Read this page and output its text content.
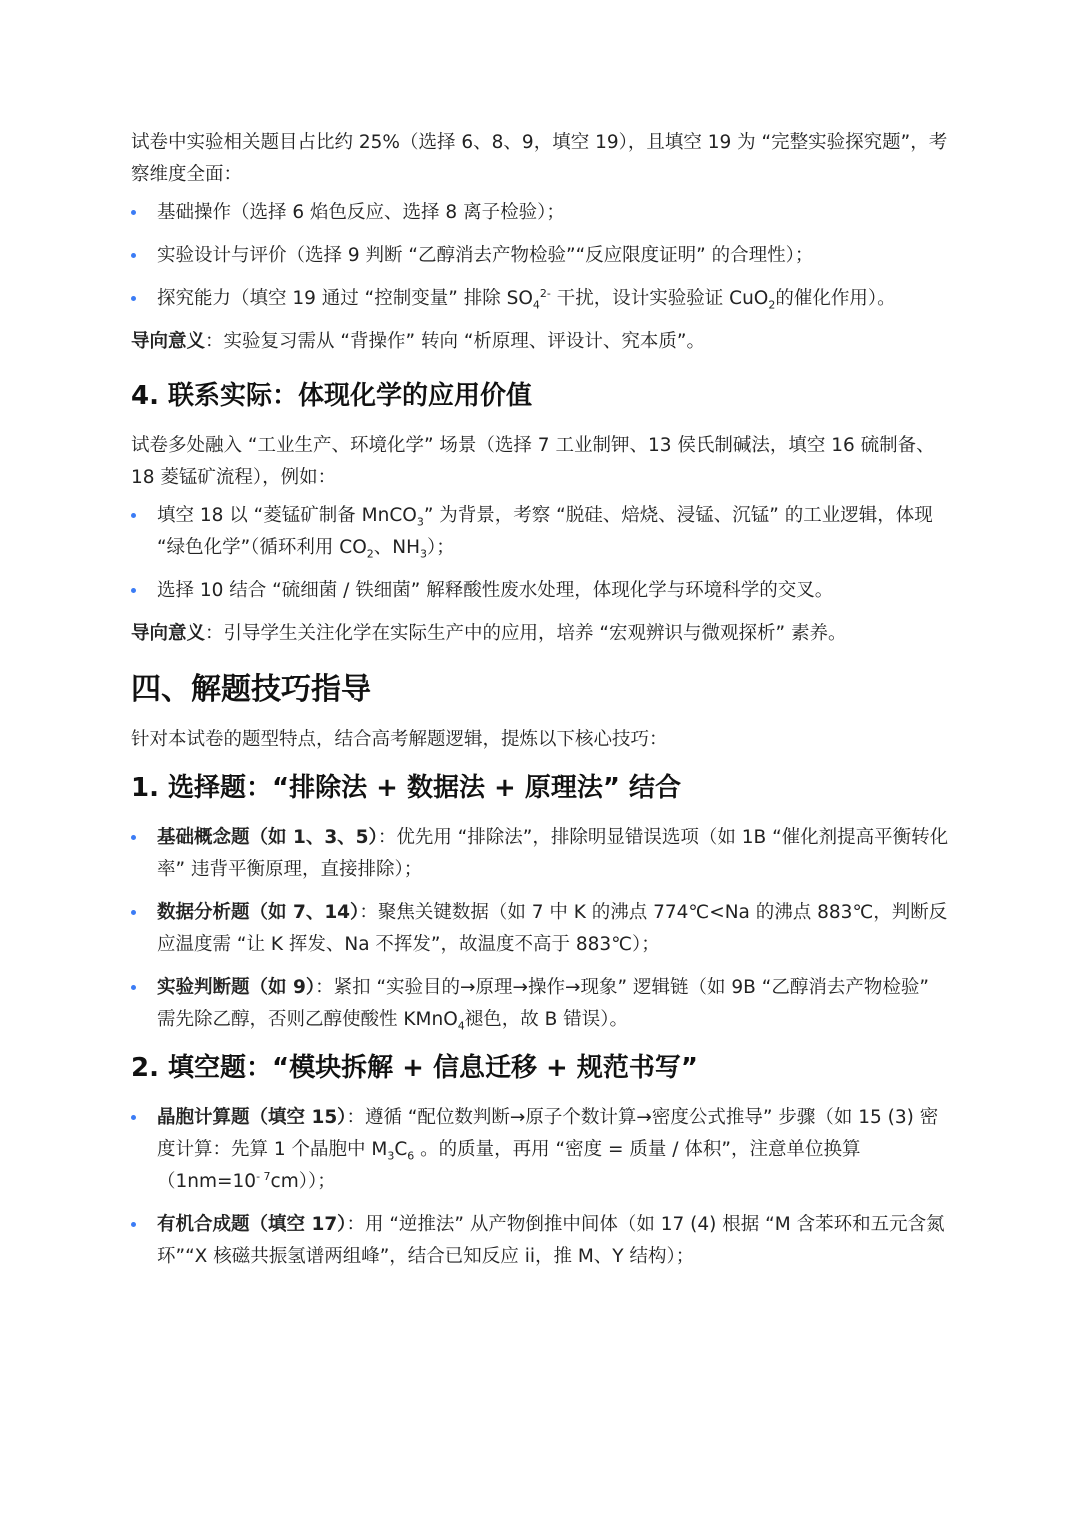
试卷中实验相关题目占比约 25%（选择 6、8、9，填空 19），且填空 19 为 “完整实验探究题”，考察维度全面：

基础操作（选择 6 焰色反应、选择 8 离子检验）；
实验设计与评价（选择 9 判断 “乙醇消去产物检验”“反应限度证明” 的合理性）；
探究能力（填空 19 通过 “控制变量” 排除 $SO_4^{2-}$ 干扰，设计实验验证 CuO$_2$的催化作用）。

导向意义：实验复习需从 “背操作” 转向 “析原理、评设计、究本质”。

4. 联系实际：体现化学的应用价值

试卷多处融入 “工业生产、环境化学” 场景（选择 7 工业制钾、13 侯氏制碱法，填空 16 硫制备、18 菱锰矿流程），例如：

填空 18 以 “菱锰矿制备 MnCO$_3$” 为背景，考察 “脱硅、焙烧、浸锰、沉锰” 的工业逻辑，体现 “绿色化学”（循环利用 $CO_2$、$NH_3$）；
选择 10 结合 “硫细菌 / 铁细菌” 解释酸性废水处理，体现化学与环境科学的交叉。

导向意义：引导学生关注化学在实际生产中的应用，培养 “宏观辨识与微观探析” 素养。

四、解题技巧指导

针对本试卷的题型特点，结合高考解题逻辑，提炼以下核心技巧：

1. 选择题：“排除法 + 数据法 + 原理法” 结合
基础概念题（如 1、3、5）：优先用 “排除法”，排除明显错误选项（如 1B “催化剂提高平衡转化率” 违背平衡原理，直接排除）；
数据分析题（如 7、14）：聚焦关键数据（如 7 中 K 的沸点 774℃<Na 的沸点 883℃，判断反应温度需 “让 K 挥发、Na 不挥发”，故温度不高于 883℃）；
实验判断题（如 9）：紧扣 “实验目的→原理→操作→现象” 逻辑链（如 9B “乙醇消去产物检验” 需先除乙醇，否则乙醇使酸性 KMnO$_4$褪色，故 B 错误）。
2. 填空题：“模块拆解 + 信息迁移 + 规范书写”
晶胞计算题（填空 15）：遵循 “配位数判断→原子个数计算→密度公式推导” 步骤（如 15 (3) 密度计算：先算 1 个晶胞中 $M_3C_6$ 。的质量，再用 “密度 = 质量 / 体积”，注意单位换算$(1nm=10^{- 7}cm)$）；
有机合成题（填空 17）：用 “逆推法” 从产物倒推中间体（如 17 (4) 根据 “M 含苯环和五元含氮环”“X 核磁共振氢谱两组峰”，结合已知反应 ii，推 M、Y 结构）；
